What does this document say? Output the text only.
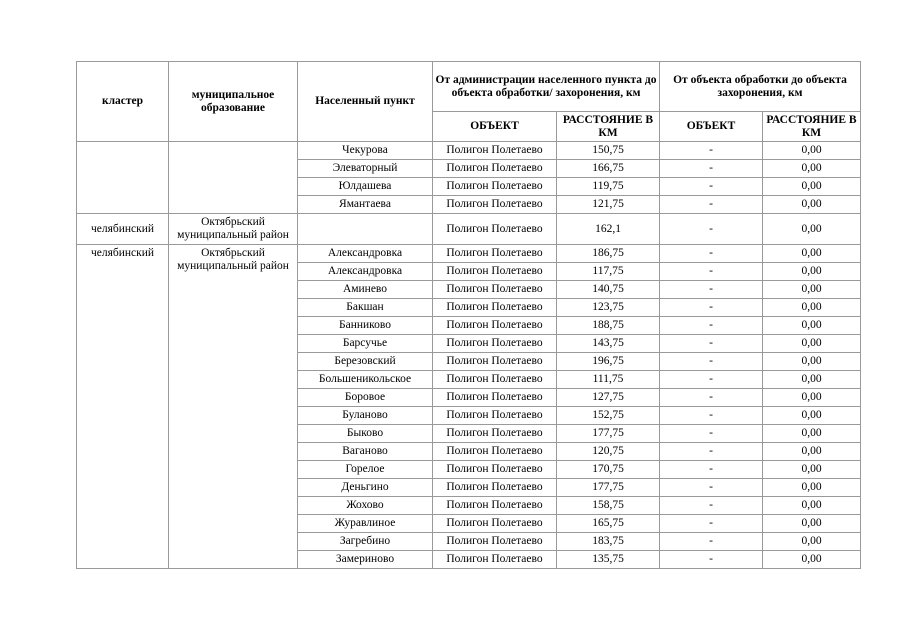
кластер	муниципальное образование	Населенный пункт	От администрации населенного пункта до объекта обработки/ захоронения, км		От объекта обработки до объекта захоронения, км	
			ОБЪЕКТ	РАССТОЯНИЕ В КМ	ОБЪЕКТ	РАССТОЯНИЕ В КМ
		Чекурова	Полигон Полетаево	150,75	-	0,00
		Элеваторный	Полигон Полетаево	166,75	-	0,00
		Юлдашева	Полигон Полетаево	119,75	-	0,00
		Ямантаева	Полигон Полетаево	121,75	-	0,00
челябинский	Октябрьский муниципальный район		Полигон Полетаево	162,1	-	0,00
челябинский	Октябрьский муниципальный район	Александровка	Полигон Полетаево	186,75	-	0,00
		Александровка	Полигон Полетаево	117,75	-	0,00
		Аминево	Полигон Полетаево	140,75	-	0,00
		Бакшан	Полигон Полетаево	123,75	-	0,00
		Банниково	Полигон Полетаево	188,75	-	0,00
		Барсучье	Полигон Полетаево	143,75	-	0,00
		Березовский	Полигон Полетаево	196,75	-	0,00
		Большеникольское	Полигон Полетаево	111,75	-	0,00
		Боровое	Полигон Полетаево	127,75	-	0,00
		Буланово	Полигон Полетаево	152,75	-	0,00
		Быково	Полигон Полетаево	177,75	-	0,00
		Ваганово	Полигон Полетаево	120,75	-	0,00
		Горелое	Полигон Полетаево	170,75	-	0,00
		Деньгино	Полигон Полетаево	177,75	-	0,00
		Жохово	Полигон Полетаево	158,75	-	0,00
		Журавлиное	Полигон Полетаево	165,75	-	0,00
		Загребино	Полигон Полетаево	183,75	-	0,00
		Замериново	Полигон Полетаево	135,75	-	0,00
